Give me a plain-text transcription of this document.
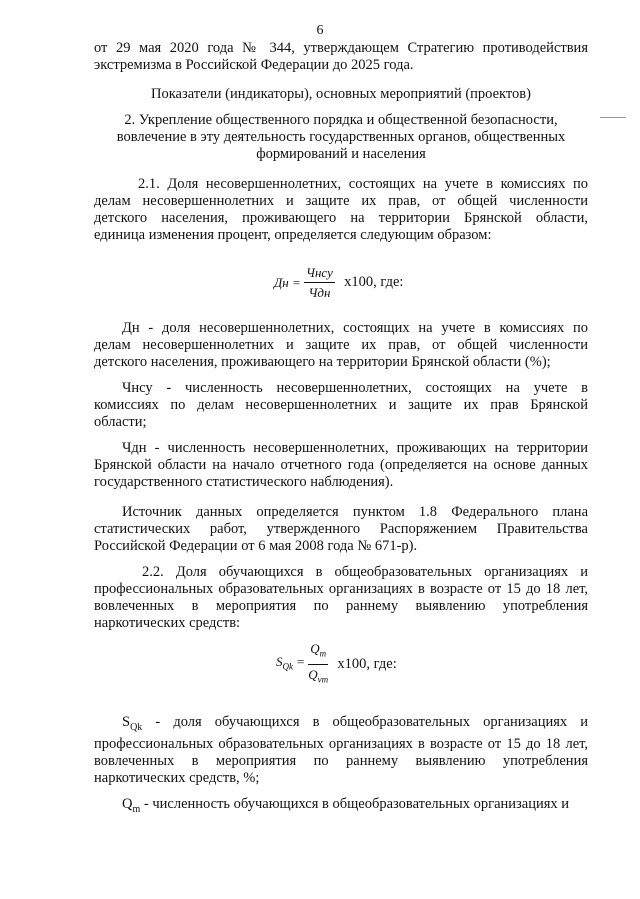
6
от 29 мая 2020 года № 344, утверждающем Стратегию противодействия
экстремизма в Российской Федерации до 2025 года.
Показатели (индикаторы), основных мероприятий (проектов)
2. Укрепление общественного порядка и общественной безопасности,
вовлечение в эту деятельность государственных органов, общественных
формирований и населения
2.1. Доля несовершеннолетних, состоящих на учете в комиссиях по
делам несовершеннолетних и защите их прав, от общей численности
детского населения, проживающего на территории Брянской области,
единица изменения процент, определяется следующим образом:
Дн = $\frac{\text{Чнсу}}{\text{Чдн}} х100$, где:
Дн - доля несовершеннолетних, состоящих на учете в комиссиях по
делам несовершеннолетних и защите их прав, от общей численности
детского населения, проживающего на территории Брянской области (%);
Чнсу - численность несовершеннолетних, состоящих на учете в
комиссиях по делам несовершеннолетних и защите их прав Брянской
области;
Чдн - численность несовершеннолетних, проживающих на территории
Брянской области на начало отчетного года (определяется на основе данных
государственного статистического наблюдения).
Источник данных определяется пунктом 1.8 Федерального плана
статистических работ, утвержденного Распоряжением Правительства
Российской Федерации от 6 мая 2008 года № 671-р).
2.2. Доля обучающихся в общеобразовательных организациях и
профессиональных образовательных организациях в возрасте от 15 до 18 лет,
вовлеченных в мероприятия по раннему выявлению употребления
наркотических средств:
$S_{Qk} = \frac{Q_m}{Q_{vm}} х100$, где:
$S_{Qk}$ - доля обучающихся в общеобразовательных организациях и
профессиональных образовательных организациях в возрасте от 15 до 18 лет,
вовлеченных в мероприятия по раннему выявлению употребления
наркотических средств, %;
$Q_m$ - численность обучающихся в общеобразовательных организациях и
